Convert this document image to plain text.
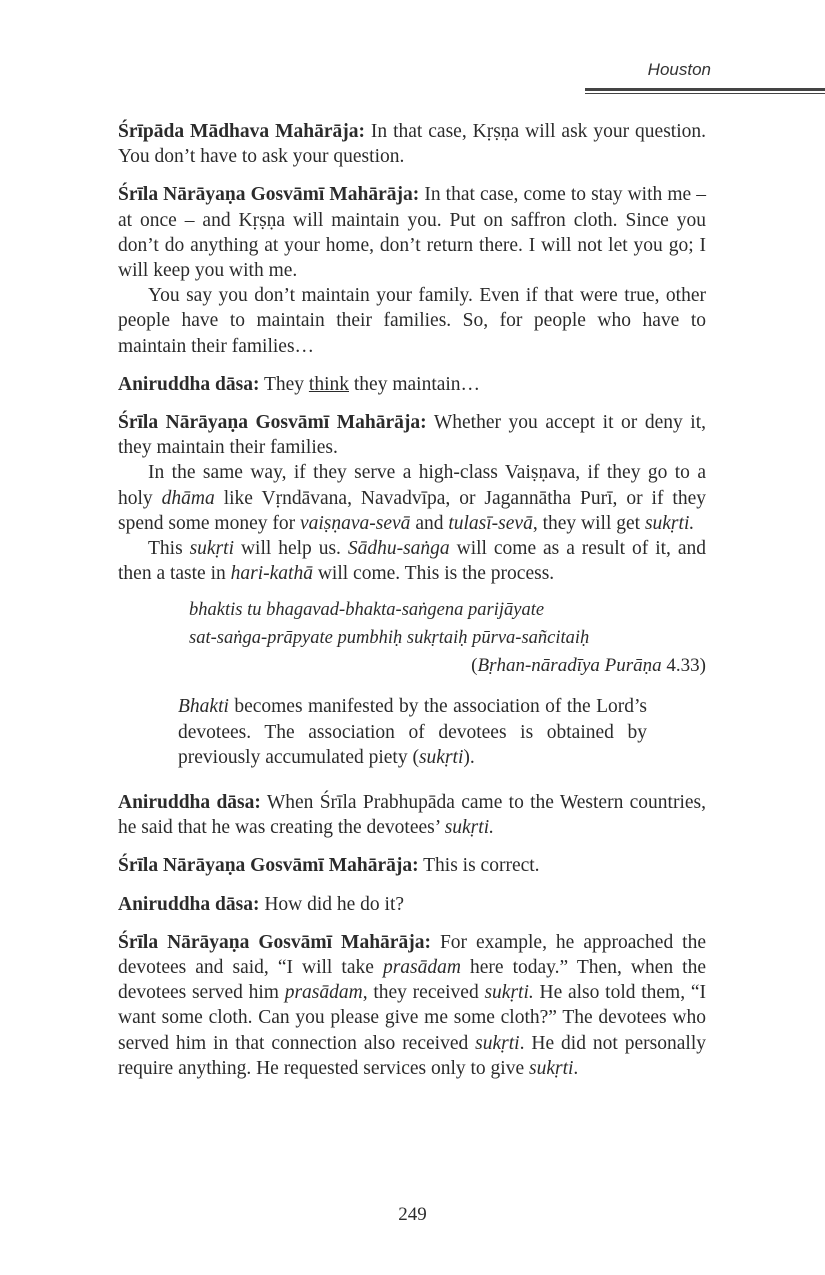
Houston

Śrīpāda Mādhava Mahārāja: In that case, Kṛṣṇa will ask your question. You don’t have to ask your question.

Śrīla Nārāyaṇa Gosvāmī Mahārāja: In that case, come to stay with me – at once – and Kṛṣṇa will maintain you. Put on saffron cloth. Since you don’t do anything at your home, don’t return there. I will not let you go; I will keep you with me.

You say you don’t maintain your family. Even if that were true, other people have to maintain their families. So, for people who have to maintain their families…

Aniruddha dāsa: They think they maintain…

Śrīla Nārāyaṇa Gosvāmī Mahārāja: Whether you accept it or deny it, they maintain their families.

In the same way, if they serve a high-class Vaiṣṇava, if they go to a holy dhāma like Vṛndāvana, Navadvīpa, or Jagannātha Purī, or if they spend some money for vaiṣṇava-sevā and tulasī-sevā, they will get sukṛti.

This sukṛti will help us. Sādhu-saṅga will come as a result of it, and then a taste in hari-kathā will come. This is the process.

bhaktis tu bhagavad-bhakta-saṅgena parijāyate
sat-saṅga-prāpyate pumbhiḥ sukṛtaiḥ pūrva-sañcitaiḥ
(Bṛhan-nāradīya Purāṇa 4.33)

Bhakti becomes manifested by the association of the Lord’s devotees. The association of devotees is obtained by previously accumulated piety (sukṛti).

Aniruddha dāsa: When Śrīla Prabhupāda came to the Western countries, he said that he was creating the devotees’ sukṛti.

Śrīla Nārāyaṇa Gosvāmī Mahārāja: This is correct.

Aniruddha dāsa: How did he do it?

Śrīla Nārāyaṇa Gosvāmī Mahārāja: For example, he approached the devotees and said, “I will take prasādam here today.” Then, when the devotees served him prasādam, they received sukṛti. He also told them, “I want some cloth. Can you please give me some cloth?” The devotees who served him in that connection also received sukṛti. He did not personally require anything. He requested services only to give sukṛti.

249
